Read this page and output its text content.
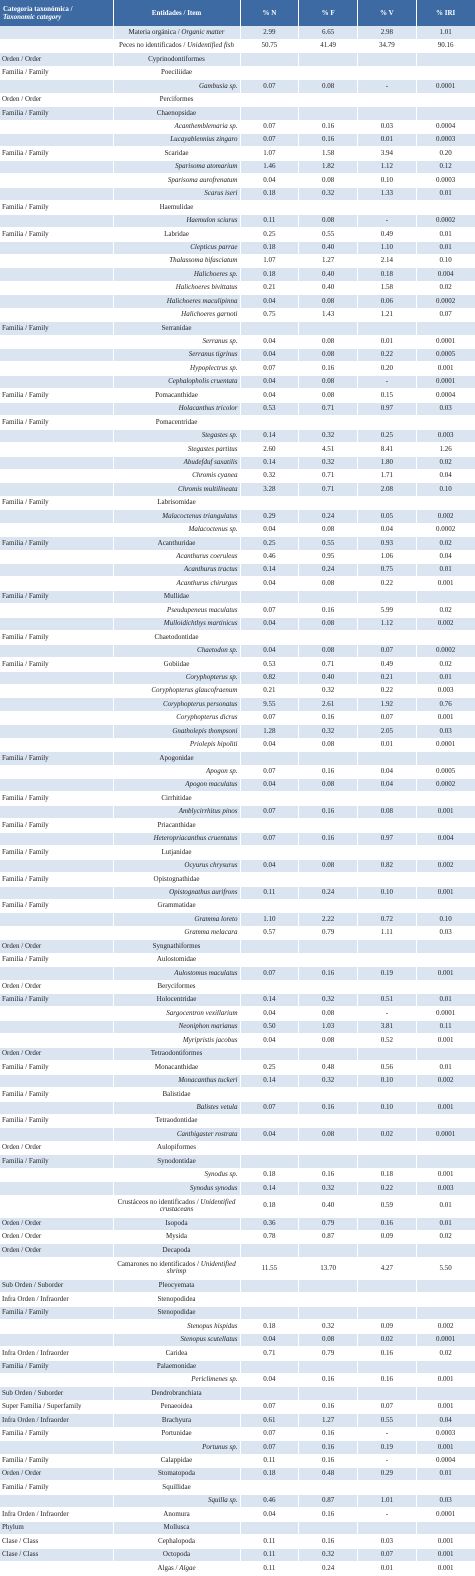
Categoría taxonómica /
Taxonomic category	Entidades / Item	% N	% F	% V	% IRI
	Materia orgánica / Organic matter	2.99	6.65	2.98	1.01
	Peces no identificados / Unidentified fish	50.75	41.49	34.79	90.16
Orden / Order	Cyprinodontiformes				
Familia / Family	Poeciliidae				
	Gambusia sp.	0.07	0.08	-	0.0001
Orden / Order	Perciformes				
Familia / Family	Chaenopsidae				
	Acanthemblemaria sp.	0.07	0.16	0.03	0.0004
	Lucayablennius zingaro	0.07	0.16	0.01	0.0003
Familia / Family	Scaridae	1.07	1.58	3.94	0.20
	Sparisoma atomarium	1.46	1.82	1.12	0.12
	Sparisoma aurofrenatum	0.04	0.08	0.10	0.0003
	Scarus iseri	0.18	0.32	1.33	0.01
Familia / Family	Haemulidae				
	Haemulon sciurus	0.11	0.08	-	0.0002
Familia / Family	Labridae	0.25	0.55	0.49	0.01
	Clepticus parrae	0.18	0.40	1.10	0.01
	Thalassoma bifasciatum	1.07	1.27	2.14	0.10
	Halichoeres sp.	0.18	0.40	0.18	0.004
	Halichoeres bivittatus	0.21	0.40	1.58	0.02
	Halichoeres maculipinna	0.04	0.08	0.06	0.0002
	Halichoeres garnoti	0.75	1.43	1.21	0.07
Familia / Family	Serranidae				
	Serranus sp.	0.04	0.08	0.01	0.0001
	Serranus tigrinus	0.04	0.08	0.22	0.0005
	Hypoplectrus sp.	0.07	0.16	0.20	0.001
	Cephalopholis cruentata	0.04	0.08	-	0.0001
Familia / Family	Pomacanthidae	0.04	0.08	0.15	0.0004
	Holacanthus tricolor	0.53	0.71	0.97	0.03
Familia / Family	Pomacentridae				
	Stegastes sp.	0.14	0.32	0.25	0.003
	Stegastes partitus	2.60	4.51	8.41	1.26
	Abudefduf saxatilis	0.14	0.32	1.80	0.02
	Chromis cyanea	0.32	0.71	1.71	0.04
	Chromis multilineata	3.28	0.71	2.08	0.10
Familia / Family	Labrisomidae				
	Malacoctenus triangulatus	0.29	0.24	0.05	0.002
	Malacoctenus sp.	0.04	0.08	0.04	0.0002
Familia / Family	Acanthuridae	0.25	0.55	0.93	0.02
	Acanthurus coeruleus	0.46	0.95	1.06	0.04
	Acanthurus tractus	0.14	0.24	0.75	0.01
	Acanthurus chirurgus	0.04	0.08	0.22	0.001
Familia / Family	Mullidae				
	Pseudupeneus maculatus	0.07	0.16	5.99	0.02
	Mulloidichthys martinicus	0.04	0.08	1.12	0.002
Familia / Family	Chaetodontidae				
	Chaetodon sp.	0.04	0.08	0.07	0.0002
Familia / Family	Gobiidae	0.53	0.71	0.49	0.02
	Coryphopterus sp.	0.82	0.40	0.21	0.01
	Coryphopterus glaucofraenum	0.21	0.32	0.22	0.003
	Coryphopterus personatus	9.55	2.61	1.92	0.76
	Coryphopterus dicrus	0.07	0.16	0.07	0.001
	Gnatholepis thompsoni	1.28	0.32	2.05	0.03
	Priolepis hipoliti	0.04	0.08	0.01	0.0001
Familia / Family	Apogonidae				
	Apogon sp.	0.07	0.16	0.04	0.0005
	Apogon maculatus	0.04	0.08	0.04	0.0002
Familia / Family	Cirrhitidae				
	Amblycirrhitus pinos	0.07	0.16	0.08	0.001
Familia / Family	Priacanthidae				
	Heteropriacanthus cruentatus	0.07	0.16	0.97	0.004
Familia / Family	Lutjanidae				
	Ocyurus chrysurus	0.04	0.08	0.82	0.002
Familia / Family	Opistognathidae				
	Opistognathus aurifrons	0.11	0.24	0.10	0.001
Familia / Family	Grammatidae				
	Gramma loreto	1.10	2.22	0.72	0.10
	Gramma melacara	0.57	0.79	1.11	0.03
Orden / Order	Syngnathiformes				
Familia / Family	Aulostomidae				
	Aulostomus maculatus	0.07	0.16	0.19	0.001
Orden / Order	Beryciformes				
Familia / Family	Holocentridae	0.14	0.32	0.51	0.01
	Sargocentron vexillarium	0.04	0.08	-	0.0001
	Neoniphon marianus	0.50	1.03	3.81	0.11
	Myripristis jacobus	0.04	0.08	0.52	0.001
Orden / Order	Tetraodontiformes				
Familia / Family	Monacanthidae	0.25	0.48	0.56	0.01
	Monacanthus tuckeri	0.14	0.32	0.10	0.002
Familia / Family	Balistidae				
	Balistes vetula	0.07	0.16	0.10	0.001
Familia / Family	Tetraodontidae				
	Canthigaster rostrata	0.04	0.08	0.02	0.0001
Orden / Order	Aulopiformes				
Familia / Family	Synodontidae				
	Synodus sp.	0.18	0.16	0.18	0.001
	Synodus synodus	0.14	0.32	0.22	0.003
	Crustáceos no identificados / Unidentified crustaceans	0.18	0.40	0.59	0.01
Orden / Order	Isopoda	0.36	0.79	0.16	0.01
Orden / Order	Mysida	0.78	0.87	0.09	0.02
Orden / Order	Decapoda				
	Camarones no identificados / Unidentified shrimp	11.55	13.70	4.27	5.50
Sub Orden / Suborder	Pleocyemata				
Infra Orden / Infraorder	Stenopodidea				
Familia / Family	Stenopodidae				
	Stenopus hispidus	0.18	0.32	0.09	0.002
	Stenopus scutellatus	0.04	0.08	0.02	0.0001
Infra Orden / Infraorder	Caridea	0.71	0.79	0.16	0.02
Familia / Family	Palaemonidae				
	Periclimenes sp.	0.04	0.16	0.16	0.001
Sub Orden / Suborder	Dendrobranchiata				
Super Familia / Superfamily	Penaeoidea	0.07	0.16	0.07	0.001
Infra Orden / Infraorder	Brachyura	0.61	1.27	0.55	0.04
Familia / Family	Portunidae	0.07	0.16	-	0.0003
	Portunus sp.	0.07	0.16	0.19	0.001
Familia / Family	Calappidae	0.11	0.16	-	0.0004
Orden / Order	Stomatopoda	0.18	0.48	0.29	0.01
Familia / Family	Squillidae				
	Squilla sp.	0.46	0.87	1.01	0.03
Infra Orden / Infraorder	Anomura	0.04	0.16	-	0.0001
Phylum	Mollusca				
Clase / Class	Cephalopoda	0.11	0.16	0.03	0.001
Clase / Class	Octopoda	0.11	0.32	0.07	0.001
	Algas / Algae	0.11	0.24	0.01	0.001
